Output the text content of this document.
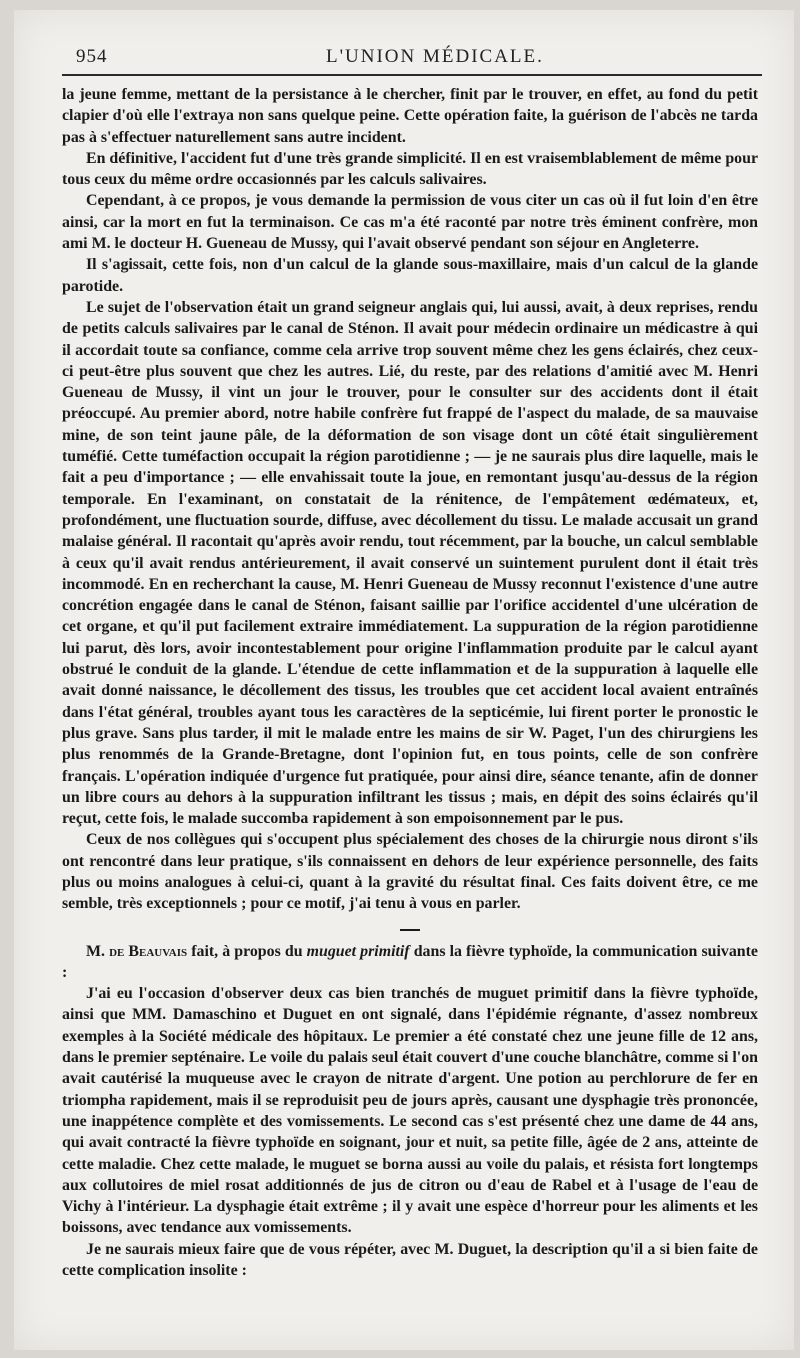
954	L'UNION MÉDICALE.

la jeune femme, mettant de la persistance à le chercher, finit par le trouver, en effet, au fond du petit clapier d'où elle l'extraya non sans quelque peine. Cette opération faite, la guérison de l'abcès ne tarda pas à s'effectuer naturellement sans autre incident.

En définitive, l'accident fut d'une très grande simplicité. Il en est vraisemblablement de même pour tous ceux du même ordre occasionnés par les calculs salivaires.

Cependant, à ce propos, je vous demande la permission de vous citer un cas où il fut loin d'en être ainsi, car la mort en fut la terminaison. Ce cas m'a été raconté par notre très éminent confrère, mon ami M. le docteur H. Gueneau de Mussy, qui l'avait observé pendant son séjour en Angleterre.

Il s'agissait, cette fois, non d'un calcul de la glande sous-maxillaire, mais d'un calcul de la glande parotide.

Le sujet de l'observation était un grand seigneur anglais qui, lui aussi, avait, à deux reprises, rendu de petits calculs salivaires par le canal de Sténon. Il avait pour médecin ordinaire un médicastre à qui il accordait toute sa confiance, comme cela arrive trop souvent même chez les gens éclairés, chez ceux-ci peut-être plus souvent que chez les autres. Lié, du reste, par des relations d'amitié avec M. Henri Gueneau de Mussy, il vint un jour le trouver, pour le consulter sur des accidents dont il était préoccupé. Au premier abord, notre habile confrère fut frappé de l'aspect du malade, de sa mauvaise mine, de son teint jaune pâle, de la déformation de son visage dont un côté était singulièrement tuméfié. Cette tuméfaction occupait la région parotidienne ; — je ne saurais plus dire laquelle, mais le fait a peu d'importance ; — elle envahissait toute la joue, en remontant jusqu'au-dessus de la région temporale. En l'examinant, on constatait de la rénitence, de l'empâtement œdémateux, et, profondément, une fluctuation sourde, diffuse, avec décollement du tissu. Le malade accusait un grand malaise général. Il racontait qu'après avoir rendu, tout récemment, par la bouche, un calcul semblable à ceux qu'il avait rendus antérieurement, il avait conservé un suintement purulent dont il était très incommodé. En en recherchant la cause, M. Henri Gueneau de Mussy reconnut l'existence d'une autre concrétion engagée dans le canal de Sténon, faisant saillie par l'orifice accidentel d'une ulcération de cet organe, et qu'il put facilement extraire immédiatement. La suppuration de la région parotidienne lui parut, dès lors, avoir incontestablement pour origine l'inflammation produite par le calcul ayant obstrué le conduit de la glande. L'étendue de cette inflammation et de la suppuration à laquelle elle avait donné naissance, le décollement des tissus, les troubles que cet accident local avaient entraînés dans l'état général, troubles ayant tous les caractères de la septicémie, lui firent porter le pronostic le plus grave. Sans plus tarder, il mit le malade entre les mains de sir W. Paget, l'un des chirurgiens les plus renommés de la Grande-Bretagne, dont l'opinion fut, en tous points, celle de son confrère français. L'opération indiquée d'urgence fut pratiquée, pour ainsi dire, séance tenante, afin de donner un libre cours au dehors à la suppuration infiltrant les tissus ; mais, en dépit des soins éclairés qu'il reçut, cette fois, le malade succomba rapidement à son empoisonnement par le pus.

Ceux de nos collègues qui s'occupent plus spécialement des choses de la chirurgie nous diront s'ils ont rencontré dans leur pratique, s'ils connaissent en dehors de leur expérience personnelle, des faits plus ou moins analogues à celui-ci, quant à la gravité du résultat final. Ces faits doivent être, ce me semble, très exceptionnels ; pour ce motif, j'ai tenu à vous en parler.

M. de Beauvais fait, à propos du muguet primitif dans la fièvre typhoïde, la communication suivante :

J'ai eu l'occasion d'observer deux cas bien tranchés de muguet primitif dans la fièvre typhoïde, ainsi que MM. Damaschino et Duguet en ont signalé, dans l'épidémie régnante, d'assez nombreux exemples à la Société médicale des hôpitaux. Le premier a été constaté chez une jeune fille de 12 ans, dans le premier septénaire. Le voile du palais seul était couvert d'une couche blanchâtre, comme si l'on avait cautérisé la muqueuse avec le crayon de nitrate d'argent. Une potion au perchlorure de fer en triompha rapidement, mais il se reproduisit peu de jours après, causant une dysphagie très prononcée, une inappétence complète et des vomissements. Le second cas s'est présenté chez une dame de 44 ans, qui avait contracté la fièvre typhoïde en soignant, jour et nuit, sa petite fille, âgée de 2 ans, atteinte de cette maladie. Chez cette malade, le muguet se borna aussi au voile du palais, et résista fort longtemps aux collutoires de miel rosat additionnés de jus de citron ou d'eau de Rabel et à l'usage de l'eau de Vichy à l'intérieur. La dysphagie était extrême ; il y avait une espèce d'horreur pour les aliments et les boissons, avec tendance aux vomissements.

Je ne saurais mieux faire que de vous répéter, avec M. Duguet, la description qu'il a si bien faite de cette complication insolite :
